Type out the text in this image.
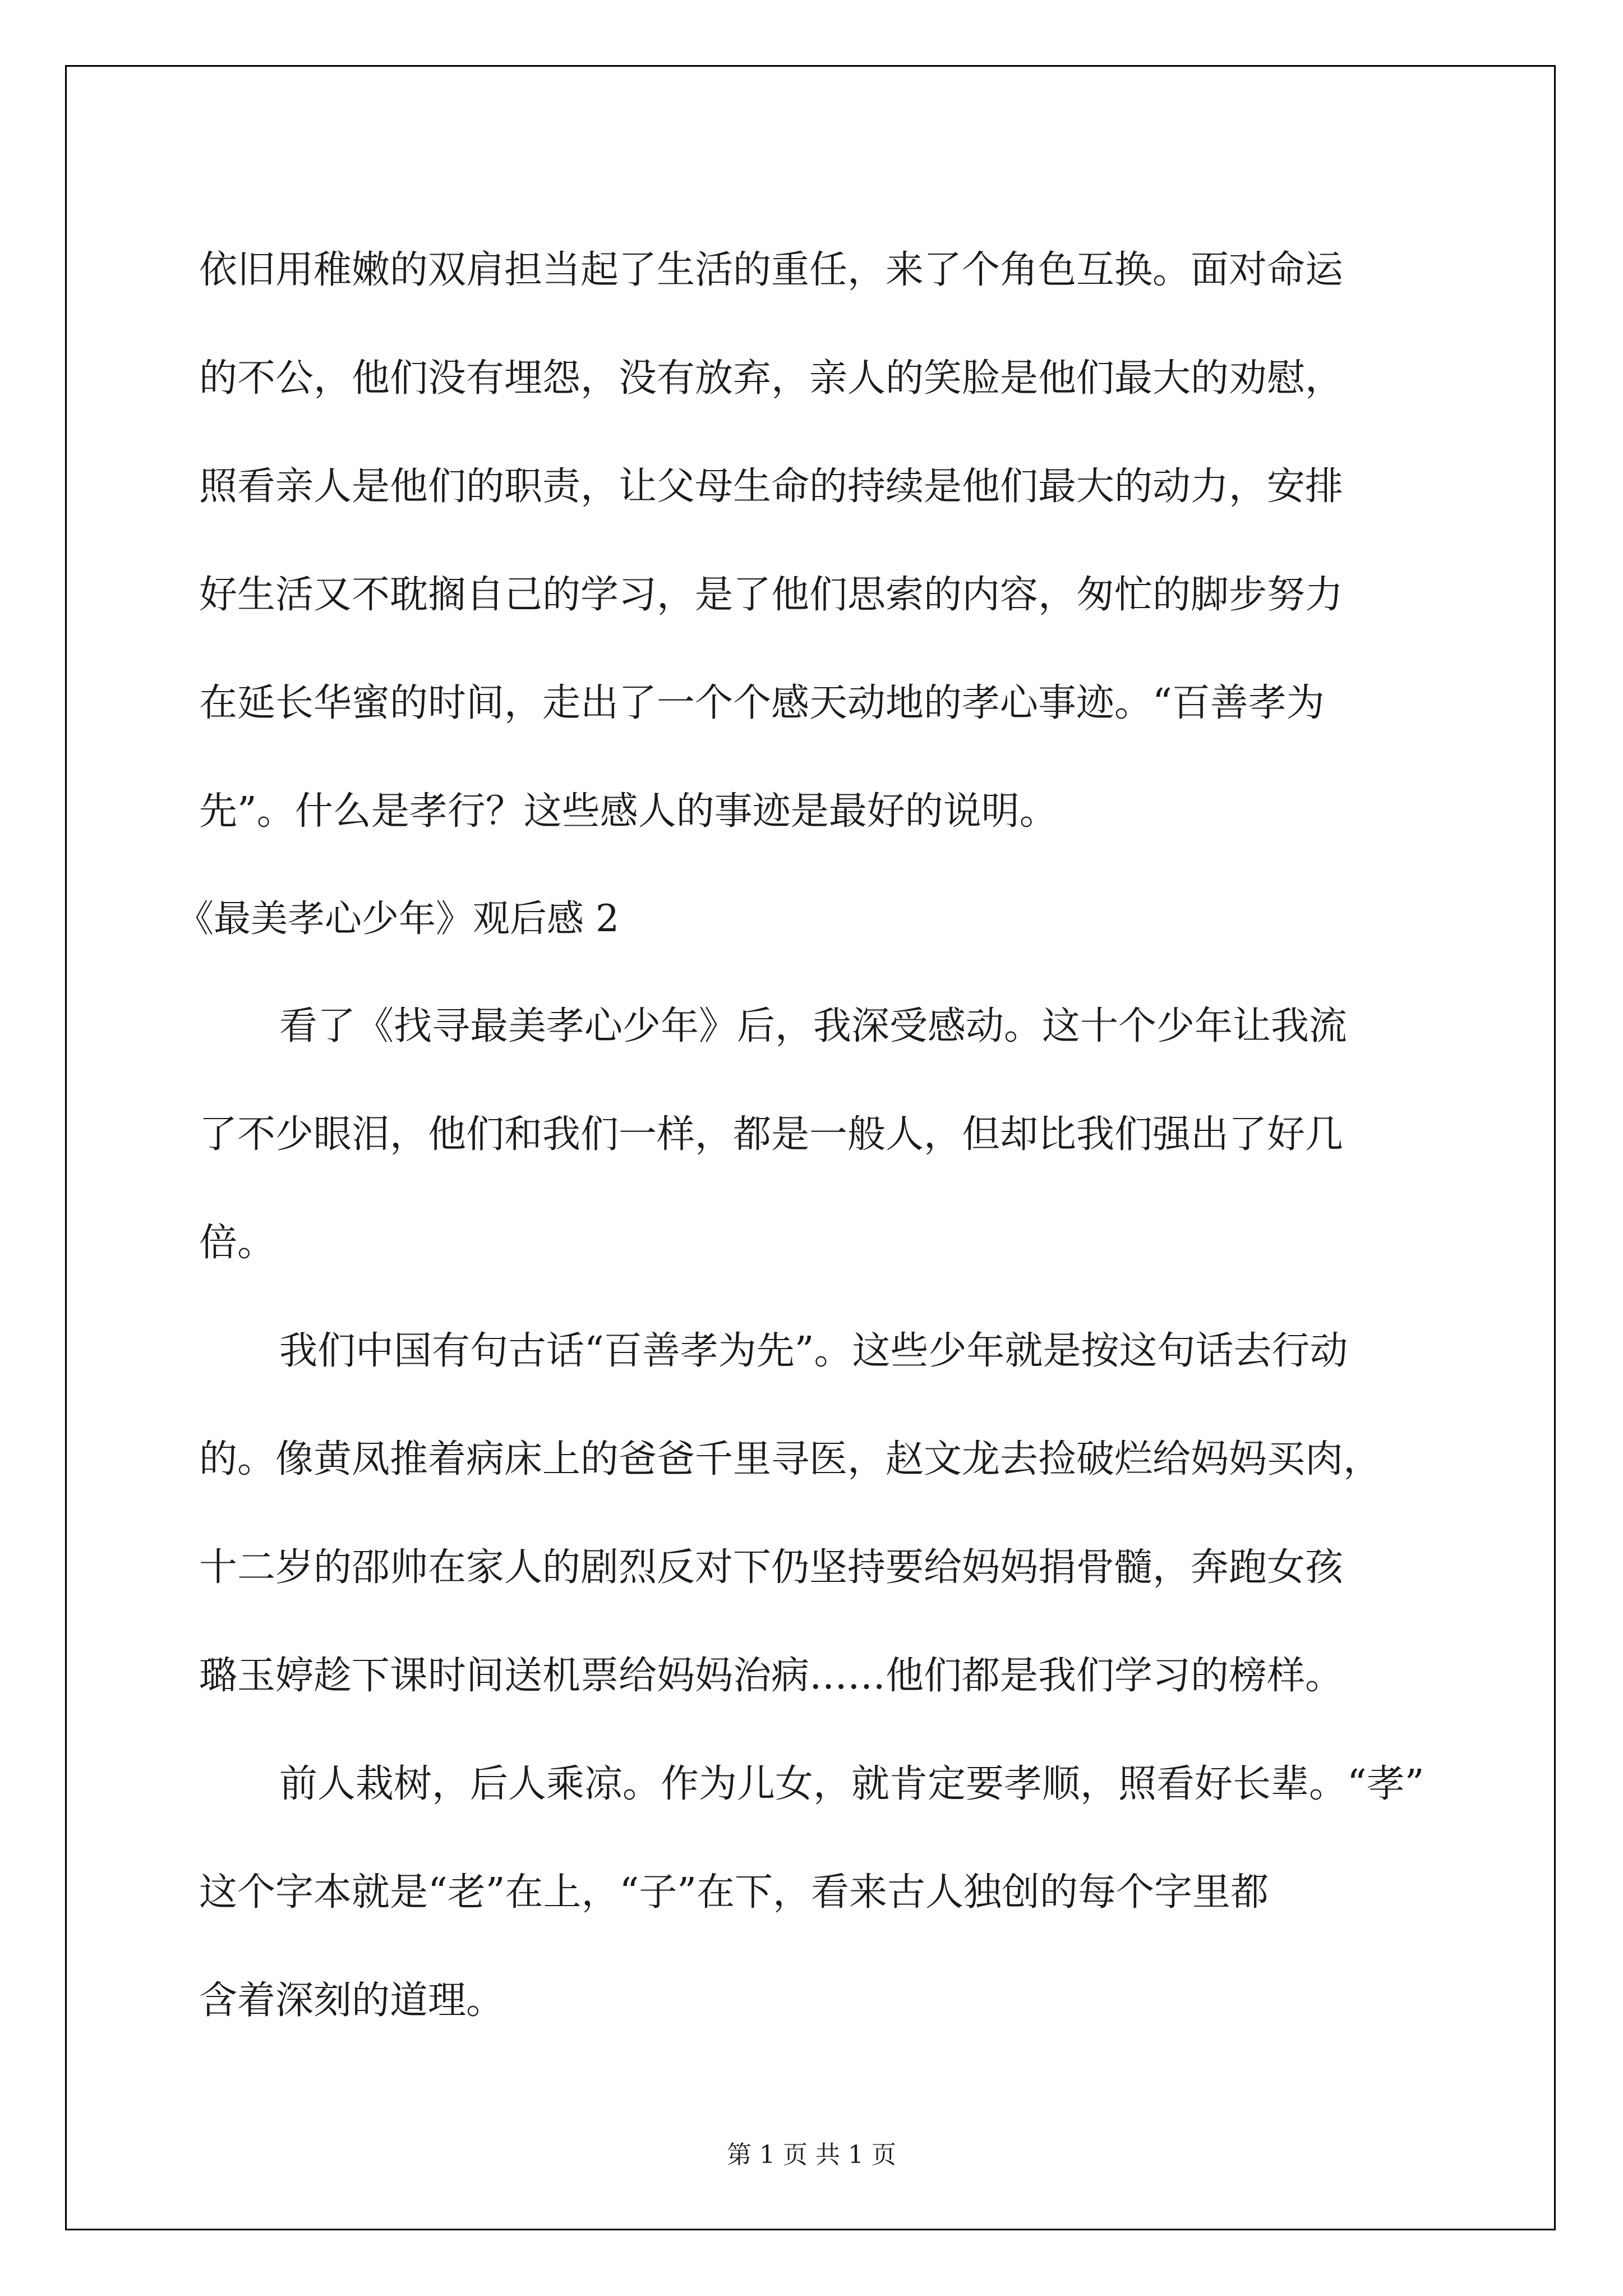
依旧用稚嫩的双肩担当起了生活的重任，来了个角色互换。面对命运
的不公，他们没有埋怨，没有放弃，亲人的笑脸是他们最大的劝慰，
照看亲人是他们的职责，让父母生命的持续是他们最大的动力，安排
好生活又不耽搁自己的学习，是了他们思索的内容，匆忙的脚步努力
在延长华蜜的时间，走出了一个个感天动地的孝心事迹。“百善孝为
先”。什么是孝行？这些感人的事迹是最好的说明。

《最美孝心少年》观后感 2

看了《找寻最美孝心少年》后，我深受感动。这十个少年让我流
了不少眼泪，他们和我们一样，都是一般人，但却比我们强出了好几
倍。

我们中国有句古话“百善孝为先”。这些少年就是按这句话去行动
的。像黄凤推着病床上的爸爸千里寻医，赵文龙去捡破烂给妈妈买肉，
十二岁的邵帅在家人的剧烈反对下仍坚持要给妈妈捐骨髓，奔跑女孩
璐玉婷趁下课时间送机票给妈妈治病……他们都是我们学习的榜样。

前人栽树，后人乘凉。作为儿女，就肯定要孝顺，照看好长辈。“孝”
这个字本就是“老”在上，“子”在下，看来古人独创的每个字里都
含着深刻的道理。

第 1 页 共 1 页
